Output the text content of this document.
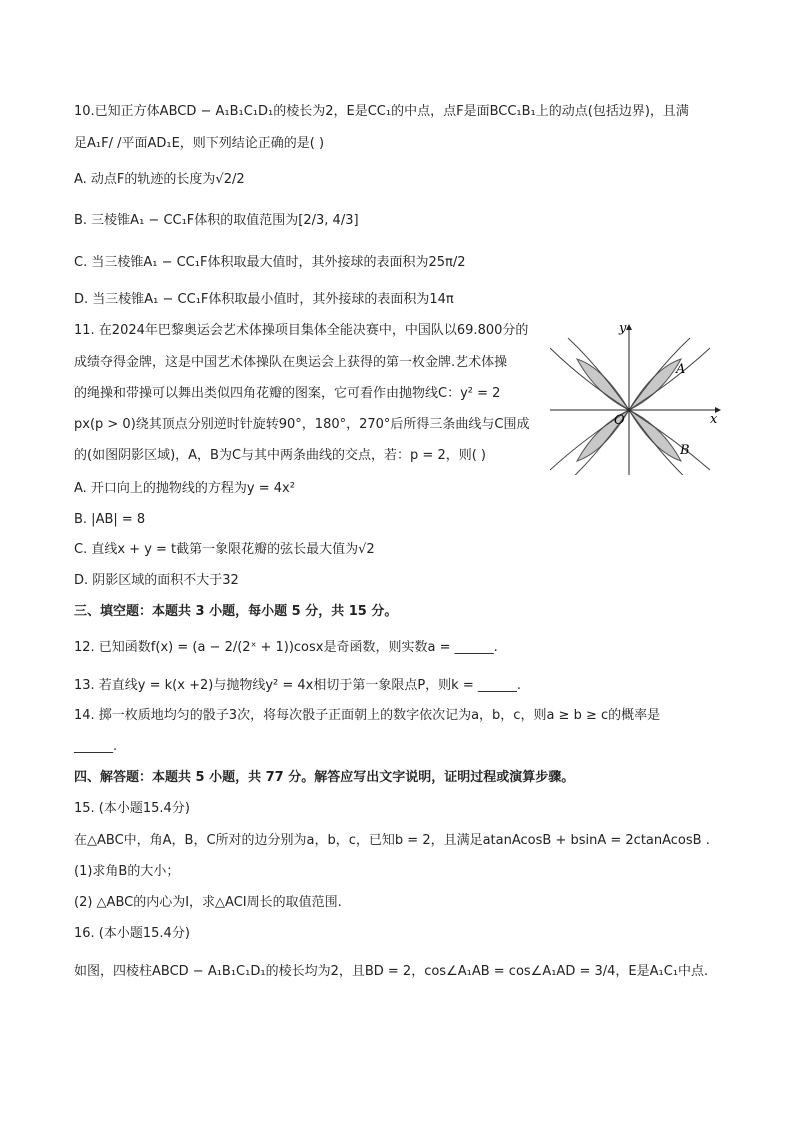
10.已知正方体ABCD − A₁B₁C₁D₁的棱长为2，E是CC₁的中点，点F是面BCC₁B₁上的动点(包括边界)，且满
足A₁F/ /平面AD₁E，则下列结论正确的是( )
A. 动点F的轨迹的长度为√2/2
B. 三棱锥A₁ − CC₁F体积的取值范围为[2/3, 4/3]
C. 当三棱锥A₁ − CC₁F体积取最大值时，其外接球的表面积为25π/2
D. 当三棱锥A₁ − CC₁F体积取最小值时，其外接球的表面积为14π
11. 在2024年巴黎奥运会艺术体操项目集体全能决赛中，中国队以69.800分的
成绩夺得金牌，这是中国艺术体操队在奥运会上获得的第一枚金牌.艺术体操
的绳操和带操可以舞出类似四角花瓣的图案，它可看作由抛物线C：y² = 2
px(p > 0)绕其顶点分别逆时针旋转90°，180°，270°后所得三条曲线与C围成
的(如图阴影区域)，A，B为C与其中两条曲线的交点，若：p = 2，则( )
A. 开口向上的抛物线的方程为y = 4x²
B. |AB| = 8
C. 直线x + y = t截第一象限花瓣的弦长最大值为√2
D. 阴影区域的面积不大于32
y
x
O
A
B
三、填空题：本题共 3 小题，每小题 5 分，共 15 分。
12. 已知函数f(x) = (a − 2/(2ˣ + 1))cosx是奇函数，则实数a = ______.
13. 若直线y = k(x +2)与抛物线y² = 4x相切于第一象限点P，则k = ______.
14. 掷一枚质地均匀的骰子3次，将每次骰子正面朝上的数字依次记为a，b，c，则a ≥ b ≥ c的概率是
______.
四、解答题：本题共 5 小题，共 77 分。解答应写出文字说明，证明过程或演算步骤。
15. (本小题15.4分)
在△ABC中，角A，B，C所对的边分别为a，b，c，已知b = 2，且满足atanAcosB + bsinA = 2ctanAcosB .
(1)求角B的大小；
(2) △ABC的内心为I，求△ACI周长的取值范围.
16. (本小题15.4分)
如图，四棱柱ABCD − A₁B₁C₁D₁的棱长均为2，且BD = 2，cos∠A₁AB = cos∠A₁AD = 3/4，E是A₁C₁中点.
